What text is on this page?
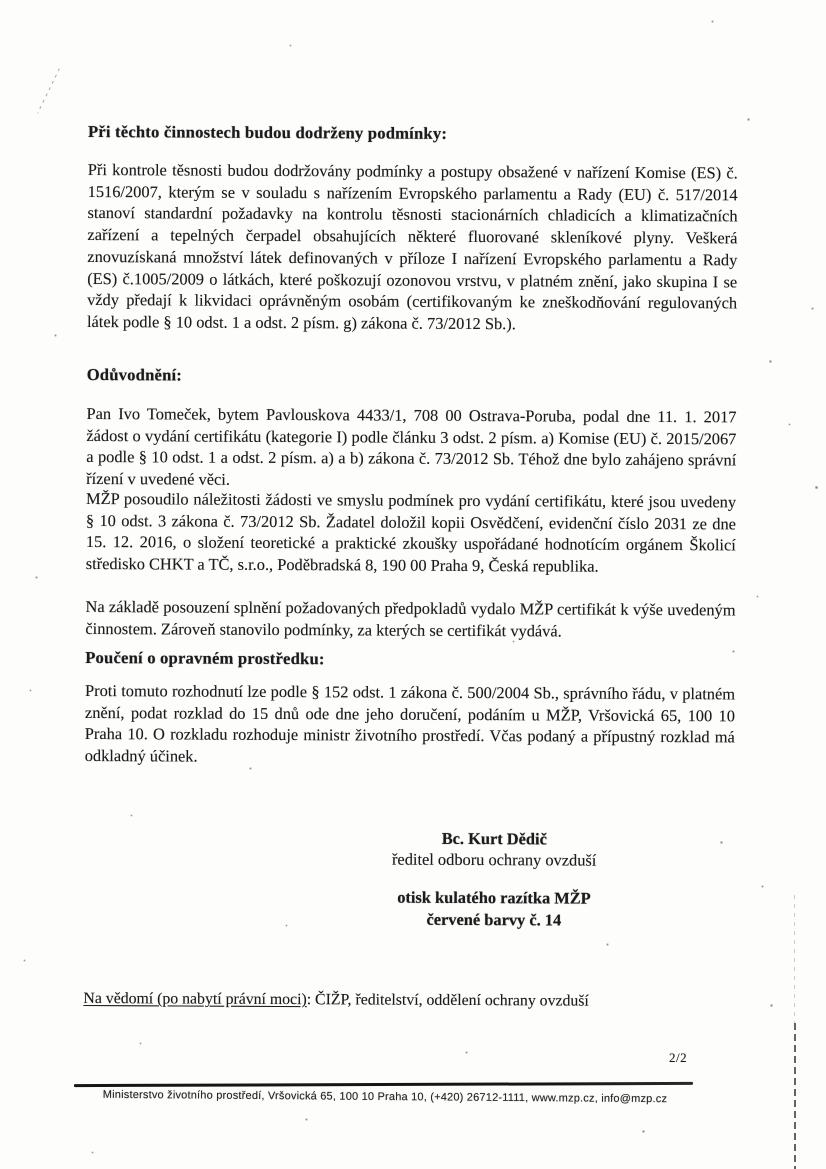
Při těchto činnostech budou dodrženy podmínky:

Při kontrole těsnosti budou dodržovány podmínky a postupy obsažené v nařízení Komise (ES) č. 1516/2007, kterým se v souladu s nařízením Evropského parlamentu a Rady (EU) č. 517/2014 stanoví standardní požadavky na kontrolu těsnosti stacionárních chladicích a klimatizačních zařízení a tepelných čerpadel obsahujících některé fluorované skleníkové plyny. Veškerá znovuzískaná množství látek definovaných v příloze I nařízení Evropského parlamentu a Rady (ES) č.1005/2009 o látkách, které poškozují ozonovou vrstvu, v platném znění, jako skupina I se vždy předají k likvidaci oprávněným osobám (certifikovaným ke zneškodňování regulovaných látek podle § 10 odst. 1 a odst. 2 písm. g) zákona č. 73/2012 Sb.).

Odůvodnění:

Pan Ivo Tomeček, bytem Pavlouskova 4433/1, 708 00 Ostrava-Poruba, podal dne 11. 1. 2017 žádost o vydání certifikátu (kategorie I) podle článku 3 odst. 2 písm. a) Komise (EU) č. 2015/2067 a podle § 10 odst. 1 a odst. 2 písm. a) a b) zákona č. 73/2012 Sb. Téhož dne bylo zahájeno správní řízení v uvedené věci.

MŽP posoudilo náležitosti žádosti ve smyslu podmínek pro vydání certifikátu, které jsou uvedeny § 10 odst. 3 zákona č. 73/2012 Sb. Žadatel doložil kopii Osvědčení, evidenční číslo 2031 ze dne 15. 12. 2016, o složení teoretické a praktické zkoušky uspořádané hodnotícím orgánem Školicí středisko CHKT a TČ, s.r.o., Poděbradská 8, 190 00 Praha 9, Česká republika.

Na základě posouzení splnění požadovaných předpokladů vydalo MŽP certifikát k výše uvedeným činnostem. Zároveň stanovilo podmínky, za kterých se certifikát vydává.

Poučení o opravném prostředku:

Proti tomuto rozhodnutí lze podle § 152 odst. 1 zákona č. 500/2004 Sb., správního řádu, v platném znění, podat rozklad do 15 dnů ode dne jeho doručení, podáním u MŽP, Vršovická 65, 100 10 Praha 10. O rozkladu rozhoduje ministr životního prostředí. Včas podaný a přípustný rozklad má odkladný účinek.

Bc. Kurt Dědič
ředitel odboru ochrany ovzduší
otisk kulatého razítka MŽP
červené barvy č. 14
Na vědomí (po nabytí právní moci): ČIŽP, ředitelství, oddělení ochrany ovzduší
2/2
Ministerstvo životního prostředí, Vršovická 65, 100 10 Praha 10, (+420) 26712-1111, www.mzp.cz, info@mzp.cz
